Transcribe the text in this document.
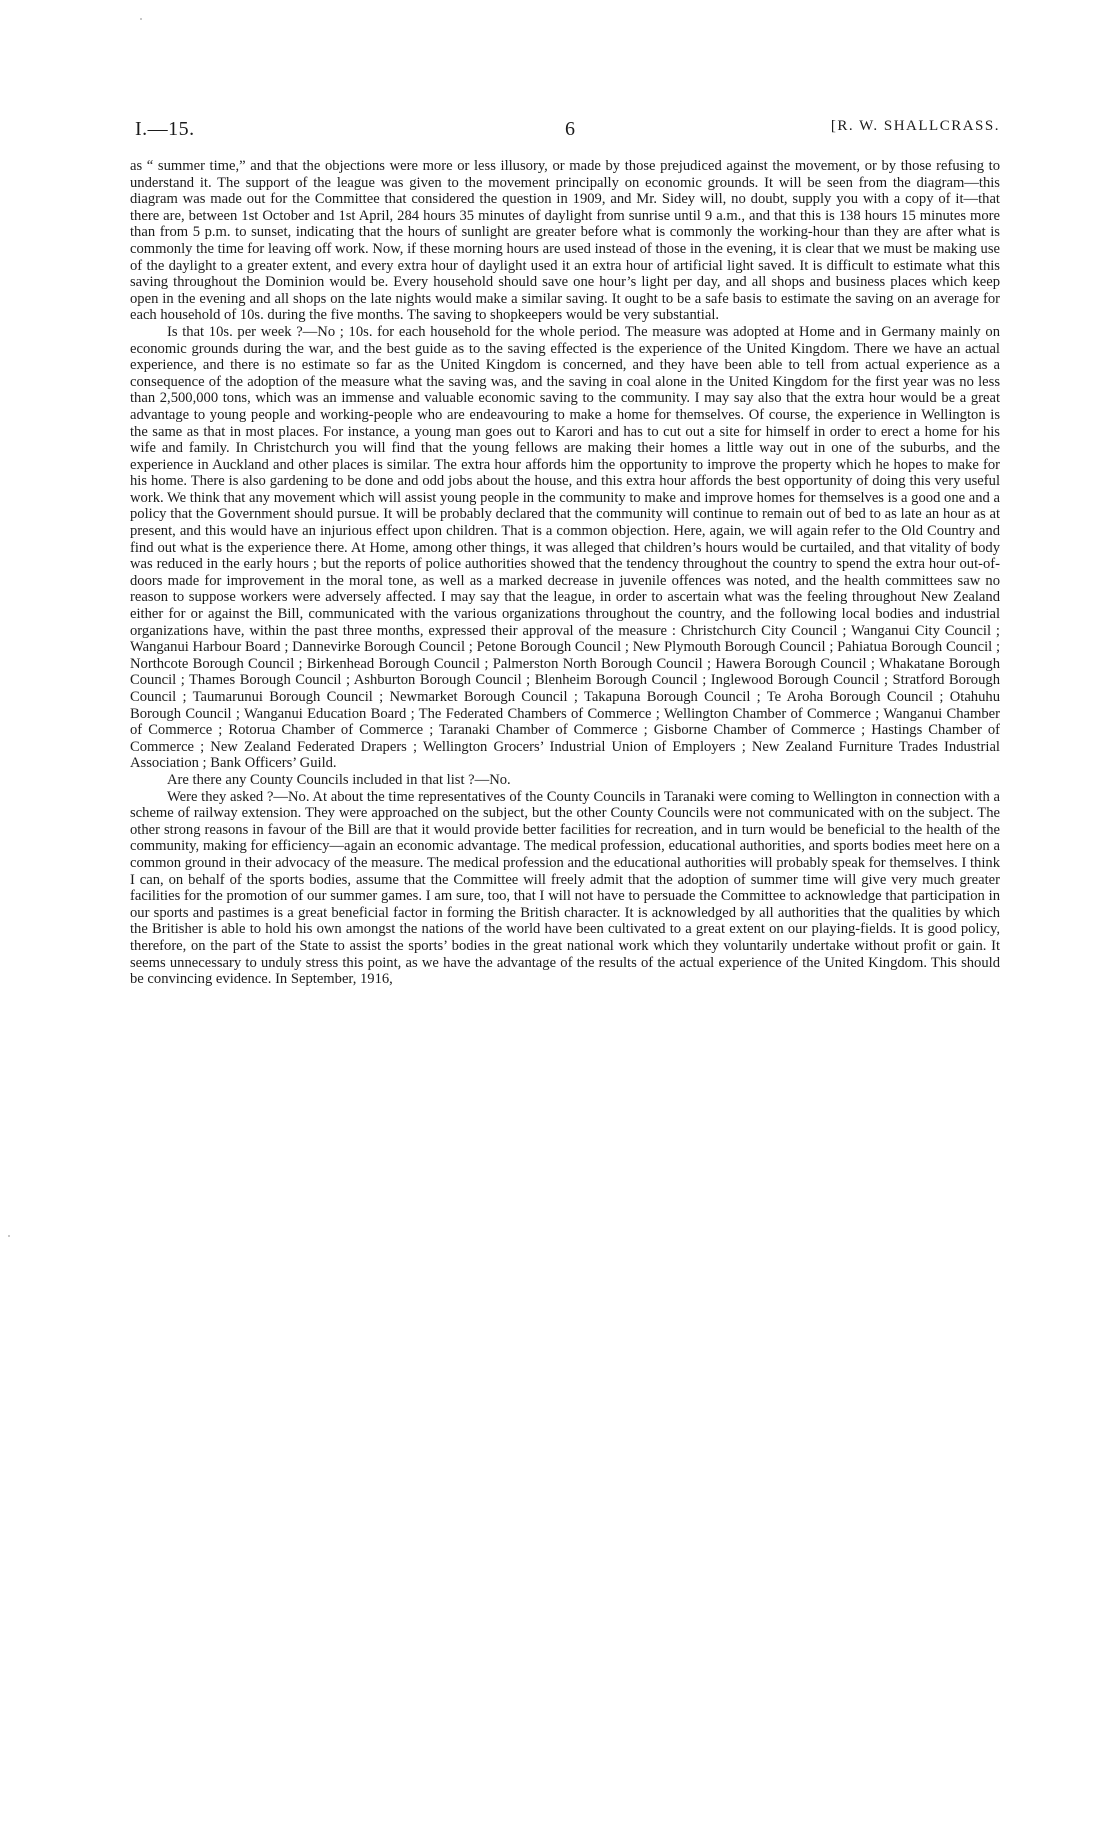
I.—15.	6	[R. W. SHALLCRASS.

as “ summer time,” and that the objections were more or less illusory, or made by those prejudiced against the movement, or by those refusing to understand it. The support of the league was given to the movement principally on economic grounds. It will be seen from the diagram—this diagram was made out for the Committee that considered the question in 1909, and Mr. Sidey will, no doubt, supply you with a copy of it—that there are, between 1st October and 1st April, 284 hours 35 minutes of daylight from sunrise until 9 a.m., and that this is 138 hours 15 minutes more than from 5 p.m. to sunset, indicating that the hours of sunlight are greater before what is commonly the working-hour than they are after what is commonly the time for leaving off work. Now, if these morning hours are used instead of those in the evening, it is clear that we must be making use of the daylight to a greater extent, and every extra hour of daylight used it an extra hour of artificial light saved. It is difficult to estimate what this saving throughout the Dominion would be. Every household should save one hour’s light per day, and all shops and business places which keep open in the evening and all shops on the late nights would make a similar saving. It ought to be a safe basis to estimate the saving on an average for each household of 10s. during the five months. The saving to shopkeepers would be very substantial.

Is that 10s. per week ?—No ; 10s. for each household for the whole period. The measure was adopted at Home and in Germany mainly on economic grounds during the war, and the best guide as to the saving effected is the experience of the United Kingdom. There we have an actual experience, and there is no estimate so far as the United Kingdom is concerned, and they have been able to tell from actual experience as a consequence of the adoption of the measure what the saving was, and the saving in coal alone in the United Kingdom for the first year was no less than 2,500,000 tons, which was an immense and valuable economic saving to the community. I may say also that the extra hour would be a great advantage to young people and working-people who are endeavouring to make a home for themselves. Of course, the experience in Wellington is the same as that in most places. For instance, a young man goes out to Karori and has to cut out a site for himself in order to erect a home for his wife and family. In Christchurch you will find that the young fellows are making their homes a little way out in one of the suburbs, and the experience in Auckland and other places is similar. The extra hour affords him the opportunity to improve the property which he hopes to make for his home. There is also gardening to be done and odd jobs about the house, and this extra hour affords the best opportunity of doing this very useful work. We think that any movement which will assist young people in the community to make and improve homes for themselves is a good one and a policy that the Government should pursue. It will be probably declared that the community will continue to remain out of bed to as late an hour as at present, and this would have an injurious effect upon children. That is a common objection. Here, again, we will again refer to the Old Country and find out what is the experience there. At Home, among other things, it was alleged that children’s hours would be curtailed, and that vitality of body was reduced in the early hours ; but the reports of police authorities showed that the tendency throughout the country to spend the extra hour out-of-doors made for improvement in the moral tone, as well as a marked decrease in juvenile offences was noted, and the health committees saw no reason to suppose workers were adversely affected. I may say that the league, in order to ascertain what was the feeling throughout New Zealand either for or against the Bill, communicated with the various organizations throughout the country, and the following local bodies and industrial organizations have, within the past three months, expressed their approval of the measure : Christchurch City Council ; Wanganui City Council ; Wanganui Harbour Board ; Dannevirke Borough Council ; Petone Borough Council ; New Plymouth Borough Council ; Pahiatua Borough Council ; Northcote Borough Council ; Birkenhead Borough Council ; Palmerston North Borough Council ; Hawera Borough Council ; Whakatane Borough Council ; Thames Borough Council ; Ashburton Borough Council ; Blenheim Borough Council ; Inglewood Borough Council ; Stratford Borough Council ; Taumarunui Borough Council ; Newmarket Borough Council ; Takapuna Borough Council ; Te Aroha Borough Council ; Otahuhu Borough Council ; Wanganui Education Board ; The Federated Chambers of Commerce ; Wellington Chamber of Commerce ; Wanganui Chamber of Commerce ; Rotorua Chamber of Commerce ; Taranaki Chamber of Commerce ; Gisborne Chamber of Commerce ; Hastings Chamber of Commerce ; New Zealand Federated Drapers ; Wellington Grocers’ Industrial Union of Employers ; New Zealand Furniture Trades Industrial Association ; Bank Officers’ Guild.

Are there any County Councils included in that list ?—No.

Were they asked ?—No. At about the time representatives of the County Councils in Taranaki were coming to Wellington in connection with a scheme of railway extension. They were approached on the subject, but the other County Councils were not communicated with on the subject. The other strong reasons in favour of the Bill are that it would provide better facilities for recreation, and in turn would be beneficial to the health of the community, making for efficiency—again an economic advantage. The medical profession, educational authorities, and sports bodies meet here on a common ground in their advocacy of the measure. The medical profession and the educational authorities will probably speak for themselves. I think I can, on behalf of the sports bodies, assume that the Committee will freely admit that the adoption of summer time will give very much greater facilities for the promotion of our summer games. I am sure, too, that I will not have to persuade the Committee to acknowledge that participation in our sports and pastimes is a great beneficial factor in forming the British character. It is acknowledged by all authorities that the qualities by which the Britisher is able to hold his own amongst the nations of the world have been cultivated to a great extent on our playing-fields. It is good policy, therefore, on the part of the State to assist the sports’ bodies in the great national work which they voluntarily undertake without profit or gain. It seems unnecessary to unduly stress this point, as we have the advantage of the results of the actual experience of the United Kingdom. This should be convincing evidence. In September, 1916,
